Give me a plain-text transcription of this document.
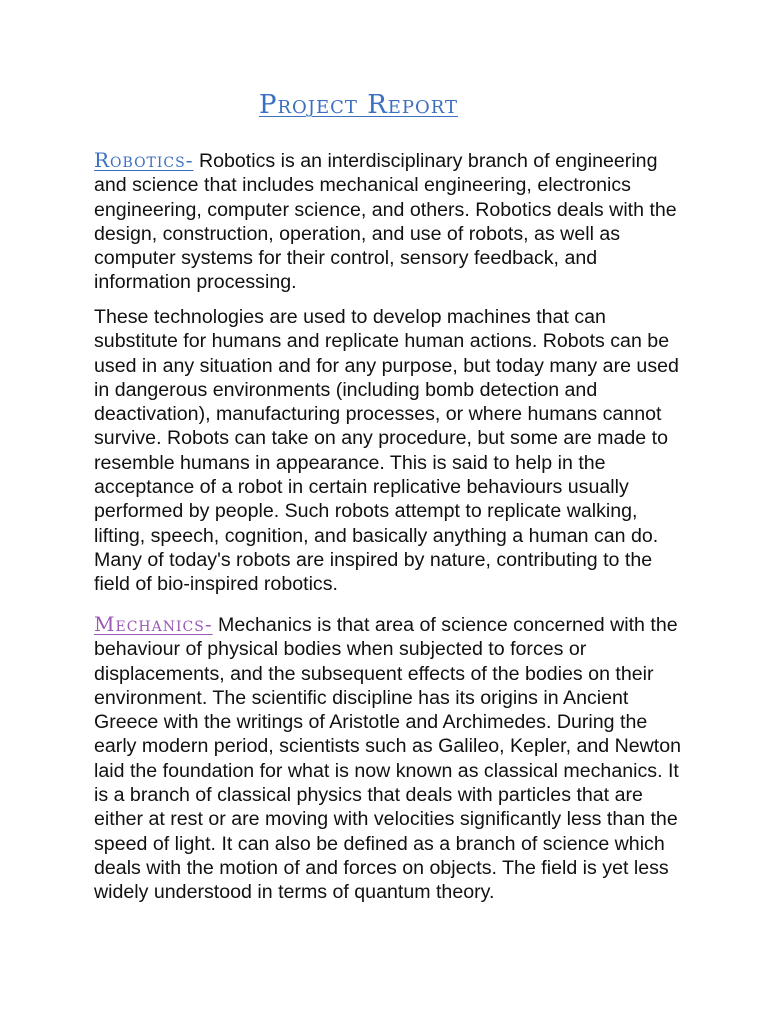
Project Report

Robotics- Robotics is an interdisciplinary branch of engineering and science that includes mechanical engineering, electronics engineering, computer science, and others. Robotics deals with the design, construction, operation, and use of robots, as well as computer systems for their control, sensory feedback, and information processing.

These technologies are used to develop machines that can substitute for humans and replicate human actions. Robots can be used in any situation and for any purpose, but today many are used in dangerous environments (including bomb detection and deactivation), manufacturing processes, or where humans cannot survive. Robots can take on any procedure, but some are made to resemble humans in appearance. This is said to help in the acceptance of a robot in certain replicative behaviours usually performed by people. Such robots attempt to replicate walking, lifting, speech, cognition, and basically anything a human can do. Many of today's robots are inspired by nature, contributing to the field of bio-inspired robotics.

Mechanics- Mechanics is that area of science concerned with the behaviour of physical bodies when subjected to forces or displacements, and the subsequent effects of the bodies on their environment. The scientific discipline has its origins in Ancient Greece with the writings of Aristotle and Archimedes. During the early modern period, scientists such as Galileo, Kepler, and Newton laid the foundation for what is now known as classical mechanics. It is a branch of classical physics that deals with particles that are either at rest or are moving with velocities significantly less than the speed of light. It can also be defined as a branch of science which deals with the motion of and forces on objects. The field is yet less widely understood in terms of quantum theory.
